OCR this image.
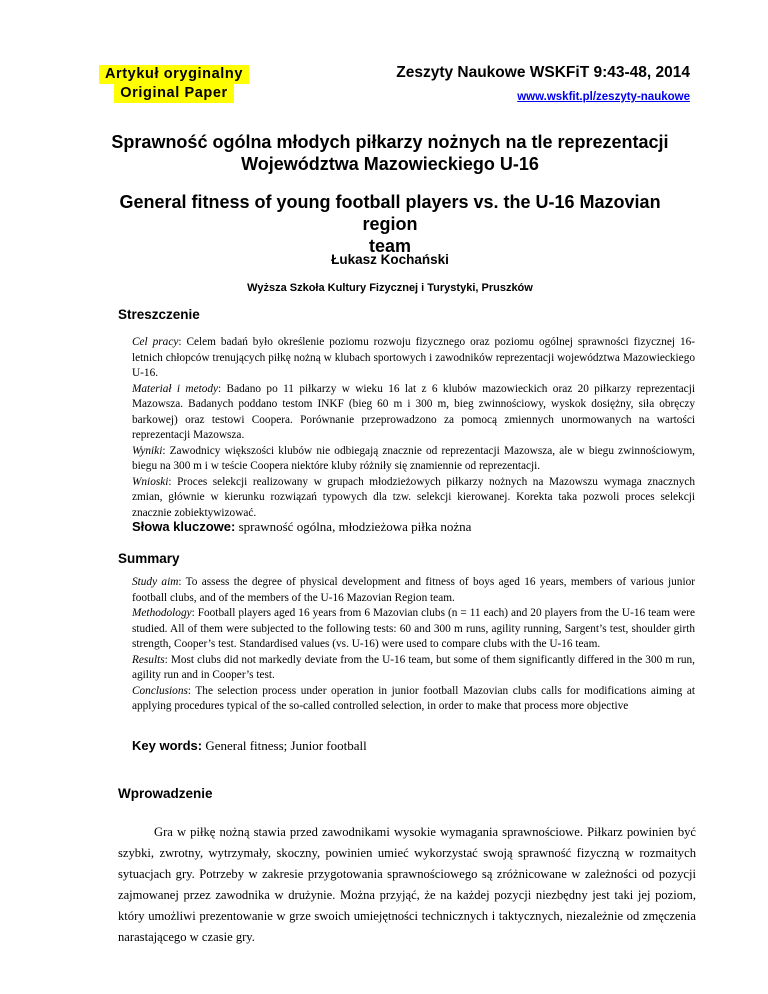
Artykuł oryginalny
Original Paper
Zeszyty Naukowe WSKFiT 9:43-48, 2014
www.wskfit.pl/zeszyty-naukowe
Sprawność ogólna młodych piłkarzy nożnych na tle reprezentacji
Województwa Mazowieckiego U-16
General fitness of young football players vs. the U-16 Mazovian region
team
Łukasz Kochański
Wyższa Szkoła Kultury Fizycznej i Turystyki, Pruszków
Streszczenie

Cel pracy: Celem badań było określenie poziomu rozwoju fizycznego oraz poziomu ogólnej sprawności fizycznej 16-letnich chłopców trenujących piłkę nożną w klubach sportowych i zawodników reprezentacji województwa Mazowieckiego U-16.

Materiał i metody: Badano po 11 piłkarzy w wieku 16 lat z 6 klubów mazowieckich oraz 20 piłkarzy reprezentacji Mazowsza. Badanych poddano testom INKF (bieg 60 m i 300 m, bieg zwinnościowy, wyskok dosiężny, siła obręczy barkowej) oraz testowi Coopera. Porównanie przeprowadzono za pomocą zmiennych unormowanych na wartości reprezentacji Mazowsza.

Wyniki: Zawodnicy większości klubów nie odbiegają znacznie od reprezentacji Mazowsza, ale w biegu zwinnościowym, biegu na 300 m i w teście Coopera niektóre kluby różniły się znamiennie od reprezentacji.

Wnioski: Proces selekcji realizowany w grupach młodzieżowych piłkarzy nożnych na Mazowszu wymaga znacznych zmian, głównie w kierunku rozwiązań typowych dla tzw. selekcji kierowanej. Korekta taka pozwoli proces selekcji znacznie zobiektywizować.

Słowa kluczowe: sprawność ogólna, młodzieżowa piłka nożna
Summary

Study aim: To assess the degree of physical development and fitness of boys aged 16 years, members of various junior football clubs, and of the members of the U-16 Mazovian Region team.

Methodology: Football players aged 16 years from 6 Mazovian clubs (n = 11 each) and 20 players from the U-16 team were studied. All of them were subjected to the following tests: 60 and 300 m runs, agility running, Sargent’s test, shoulder girth strength, Cooper’s test. Standardised values (vs. U-16) were used to compare clubs with the U-16 team.

Results: Most clubs did not markedly deviate from the U-16 team, but some of them significantly differed in the 300 m run, agility run and in Cooper’s test.

Conclusions: The selection process under operation in junior football Mazovian clubs calls for modifications aiming at applying procedures typical of the so-called controlled selection, in order to make that process more objective

Key words: General fitness; Junior football
Wprowadzenie

Gra w piłkę nożną stawia przed zawodnikami wysokie wymagania sprawnościowe. Piłkarz powinien być szybki, zwrotny, wytrzymały, skoczny, powinien umieć wykorzystać swoją sprawność fizyczną w rozmaitych sytuacjach gry. Potrzeby w zakresie przygotowania sprawnościowego są zróżnicowane w zależności od pozycji zajmowanej przez zawodnika w drużynie. Można przyjąć, że na każdej pozycji niezbędny jest taki jej poziom, który umożliwi prezentowanie w grze swoich umiejętności technicznych i taktycznych, niezależnie od zmęczenia narastającego w czasie gry.
